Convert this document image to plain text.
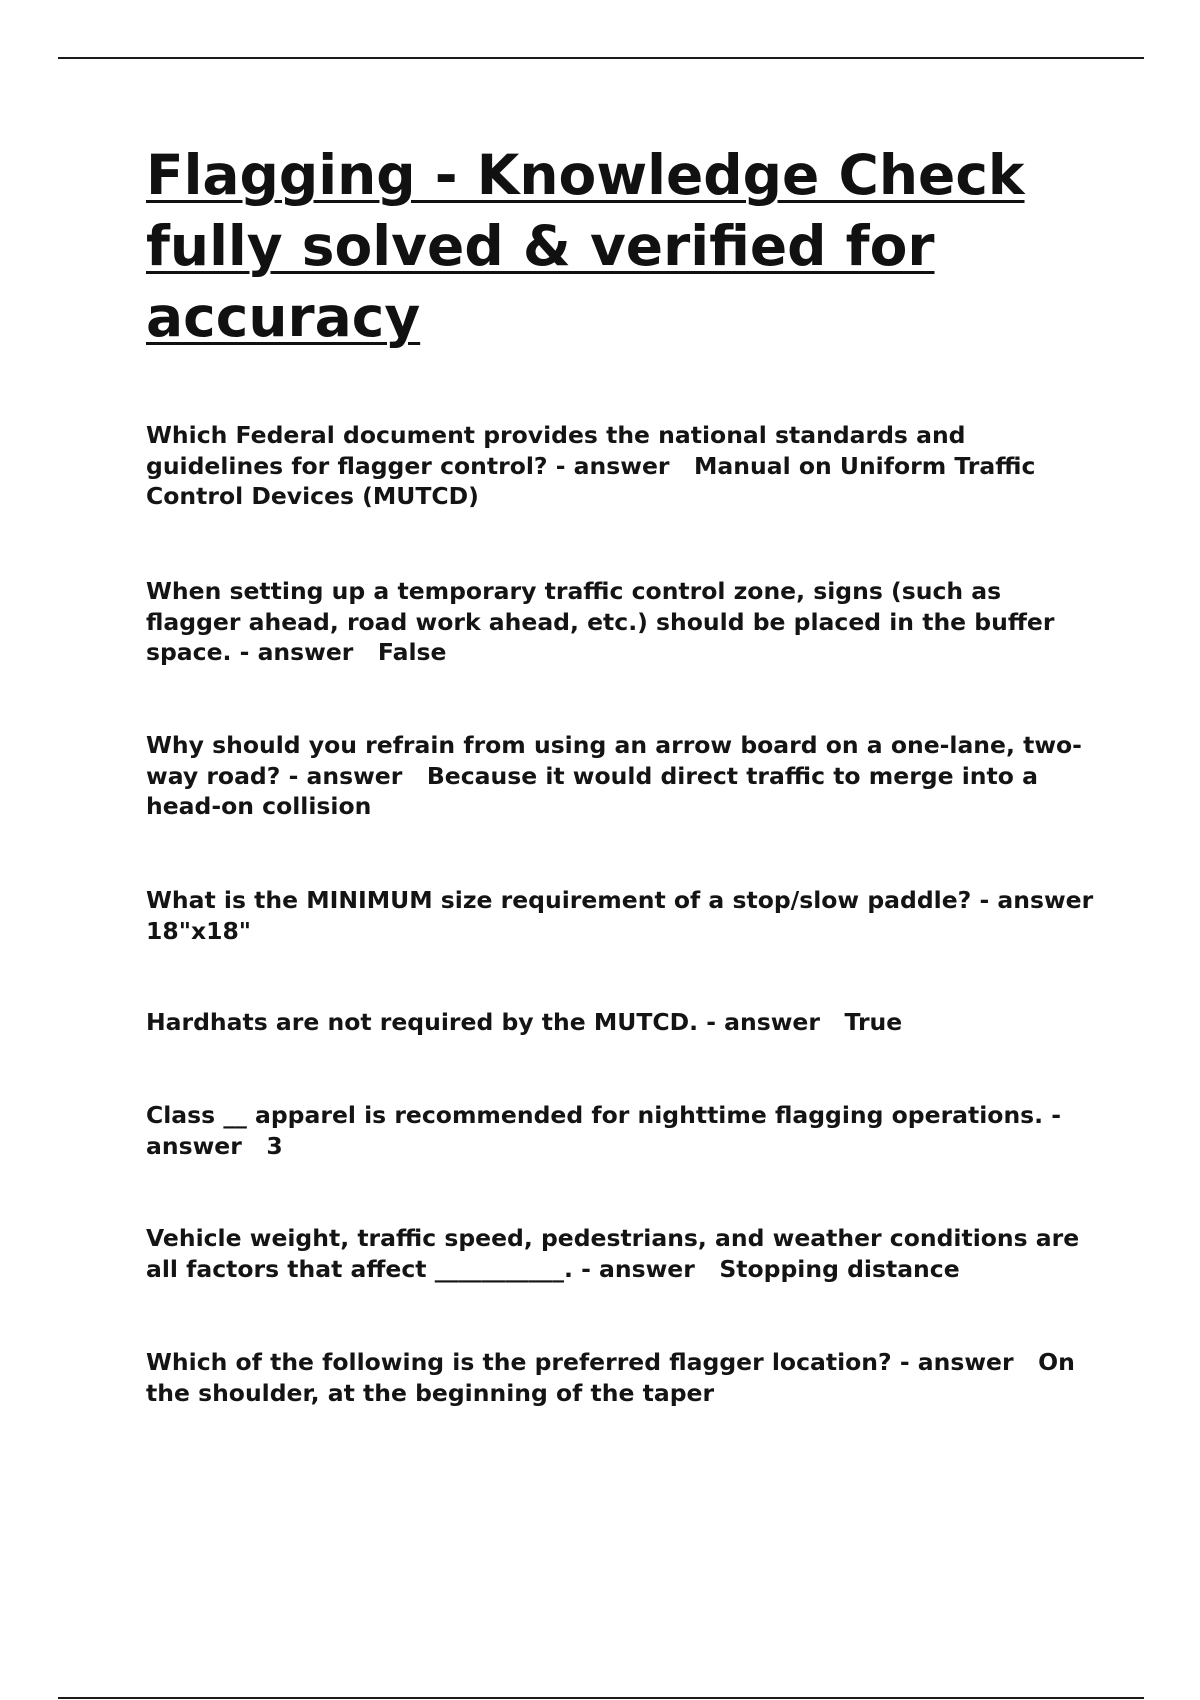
Flagging - Knowledge Check fully solved & verified for accuracy

Which Federal document provides the national standards and guidelines for flagger control? - answer   Manual on Uniform Traffic Control Devices (MUTCD)

When setting up a temporary traffic control zone, signs (such as flagger ahead, road work ahead, etc.) should be placed in the buffer space. - answer   False

Why should you refrain from using an arrow board on a one-lane, two-way road? - answer   Because it would direct traffic to merge into a head-on collision

What is the MINIMUM size requirement of a stop/slow paddle? - answer   18"x18"

Hardhats are not required by the MUTCD. - answer   True

Class __ apparel is recommended for nighttime flagging operations. - answer   3

Vehicle weight, traffic speed, pedestrians, and weather conditions are all factors that affect ___________. - answer   Stopping distance

Which of the following is the preferred flagger location? - answer   On the shoulder, at the beginning of the taper
